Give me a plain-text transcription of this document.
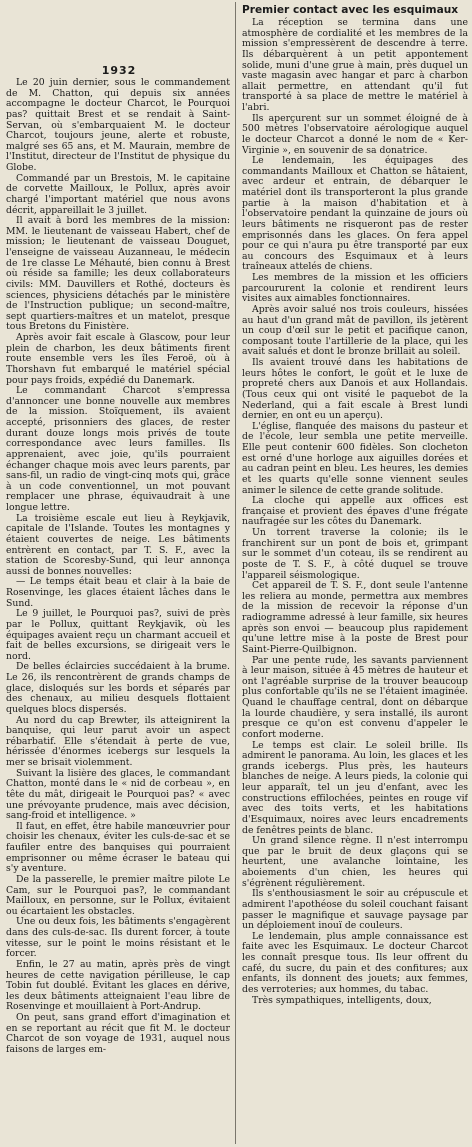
1932

Le 20 juin dernier, sous le commandement de M. Chatton, qui depuis six années accompagne le docteur Charcot, le Pourquoi pas? quittait Brest et se rendait à Saint-Servan, où s'embarquaient M. le docteur Charcot, toujours jeune, alerte et robuste, malgré ses 65 ans, et M. Maurain, membre de l'Institut, directeur de l'Institut de physique du Globe.

Commandé par un Brestois, M. le capitaine de corvette Mailloux, le Pollux, après avoir chargé l'important matériel que nous avons décrit, appareillait le 3 juillet.

Il avait à bord les membres de la mission: MM. le lieutenant de vaisseau Habert, chef de mission; le lieutenant de vaisseau Douguet, l'enseigne de vaisseau Auzanneau, le médecin de 1re classe Le Méhauté, bien connu à Brest où réside sa famille; les deux collaborateurs civils: MM. Dauvillers et Rothé, docteurs ès sciences, physiciens détachés par le ministère de l'Instruction publique; un second-maître, sept quartiers-maîtres et un matelot, presque tous Bretons du Finistère.

Après avoir fait escale à Glascow, pour leur plein de charbon, les deux bâtiments firent route ensemble vers les îles Feroë, où à Thorshavn fut embarqué le matériel spécial pour pays froids, expédié du Danemark.

Le commandant Charcot s'empressa d'annoncer une bonne nouvelle aux membres de la mission. Stoïquement, ils avaient accepté, prisonniers des glaces, de rester durant douze longs mois privés de toute correspondance avec leurs familles. Ils apprenaient, avec joie, qu'ils pourraient échanger chaque mois avec leurs parents, par sans-fil, un radio de vingt-cinq mots qui, grâce à un code conventionnel, un mot pouvant remplacer une phrase, équivaudrait à une longue lettre.

La troisième escale eut lieu à Reykjavik, capitale de l'Islande. Toutes les montagnes y étaient couvertes de neige. Les bâtiments entrèrent en contact, par T. S. F., avec la station de Scoresby-Sund, qui leur annonça aussi de bonnes nouvelles:

— Le temps était beau et clair à la baie de Rosenvinge, les glaces étaient lâches dans le Sund.

Le 9 juillet, le Pourquoi pas?, suivi de près par le Pollux, quittant Reykjavik, où les équipages avaient reçu un charmant accueil et fait de belles excursions, se dirigeait vers le nord.

De belles éclaircies succédaient à la brume. Le 26, ils rencontrèrent de grands champs de glace, disloqués sur les bords et séparés par des chenaux, au milieu desquels flottaient quelques blocs dispersés.

Au nord du cap Brewter, ils atteignirent la banquise, qui leur parut avoir un aspect rébarbatif. Elle s'étendait à perte de vue, hérissée d'énormes icebergs sur lesquels la mer se brisait violemment.

Suivant la lisière des glaces, le commandant Chatton, monté dans le « nid de corbeau », en tête du mât, dirigeait le Pourquoi pas? « avec une prévoyante prudence, mais avec décision, sang-froid et intelligence. »

Il faut, en effet, être habile manœuvrier pour choisir les chenaux, éviter les culs-de-sac et se faufiler entre des banquises qui pourraient emprisonner ou même écraser le bateau qui s'y aventure.

De la passerelle, le premier maître pilote Le Cam, sur le Pourquoi pas?, le commandant Mailloux, en personne, sur le Pollux, évitaient ou écartaient les obstacles.

Une ou deux fois, les bâtiments s'engagèrent dans des culs-de-sac. Ils durent forcer, à toute vitesse, sur le point le moins résistant et le forcer.

Enfin, le 27 au matin, après près de vingt heures de cette navigation périlleuse, le cap Tobin fut doublé. Évitant les glaces en dérive, les deux bâtiments atteignaient l'eau libre de Rosenvinge et mouillaient à Port-Andrup.

On peut, sans grand effort d'imagination et en se reportant au récit que fit M. le docteur Charcot de son voyage de 1931, auquel nous faisons de larges em-

Premier contact avec les esquimaux

La réception se termina dans une atmosphère de cordialité et les membres de la mission s'empressèrent de descendre à terre. Ils débarquèrent à un petit appontement solide, muni d'une grue à main, près duquel un vaste magasin avec hangar et parc à charbon allait permettre, en attendant qu'il fut transporté à sa place de mettre le matériel à l'abri.

Ils aperçurent sur un sommet éloigné de à 500 mètres l'observatoire aérologique auquel le docteur Charcot a donné le nom de « Ker-Virginie », en souvenir de sa donatrice.

Le lendemain, les équipages des commandants Mailloux et Chatton se hâtaient, avec ardeur et entrain, de débarquer le matériel dont ils transporteront la plus grande partie à la maison d'habitation et à l'observatoire pendant la quinzaine de jours où leurs bâtiments ne risqueront pas de rester emprisonnés dans les glaces. On fera appel pour ce qui n'aura pu être transporté par eux au concours des Esquimaux et à leurs traîneaux attelés de chiens.

Les membres de la mission et les officiers parcoururent la colonie et rendirent leurs visites aux aimables fonctionnaires.

Après avoir salué nos trois couleurs, hissées au haut d'un grand mât de pavillon, ils jetèrent un coup d'œil sur le petit et pacifique canon, composant toute l'artillerie de la place, qui les avait salués et dont le bronze brillait au soleil.

Ils avaient trouvé dans les habitations de leurs hôtes le confort, le goût et le luxe de propreté chers aux Danois et aux Hollandais. (Tous ceux qui ont visité le paquebot de la Nederland, qui a fait escale à Brest lundi dernier, en ont eu un aperçu).

L'église, flanquée des maisons du pasteur et de l'école, leur sembla une petite merveille. Elle peut contenir 600 fidèles. Son clocheton est orné d'une horloge aux aiguilles dorées et au cadran peint en bleu. Les heures, les demies et les quarts qu'elle sonne viennent seules animer le silence de cette grande solitude.

La cloche qui appelle aux offices est française et provient des épaves d'une frégate naufragée sur les côtes du Danemark.

Un torrent traverse la colonie; ils le franchirent sur un pont de bois et, grimpant sur le sommet d'un coteau, ils se rendirent au poste de T. S. F., à côté duquel se trouve l'appareil séismologique.

Cet appareil de T. S. F., dont seule l'antenne les reliera au monde, permettra aux membres de la mission de recevoir la réponse d'un radiogramme adressé à leur famille, six heures après son envoi — beaucoup plus rapidement qu'une lettre mise à la poste de Brest pour Saint-Pierre-Quilbignon.

Par une pente rude, les savants parviennent à leur maison, située à 45 mètres de hauteur et ont l'agréable surprise de la trouver beaucoup plus confortable qu'ils ne se l'étaient imaginée. Quand le chauffage central, dont on débarque la lourde chaudière, y sera installé, ils auront presque ce qu'on est convenu d'appeler le confort moderne.

Le temps est clair. Le soleil brille. Ils admirent le panorama. Au loin, les glaces et les grands icebergs. Plus près, les hauteurs blanches de neige. A leurs pieds, la colonie qui leur apparaît, tel un jeu d'enfant, avec les constructions effilochées, peintes en rouge vif avec des toits verts, et les habitations d'Esquimaux, noires avec leurs encadrements de fenêtres peints de blanc.

Un grand silence règne. Il n'est interrompu que par le bruit de deux glaçons qui se heurtent, une avalanche lointaine, les aboiements d'un chien, les heures qui s'égrènent régulièrement.

Ils s'enthousiasment le soir au crépuscule et admirent l'apothéose du soleil couchant faisant passer le magnifique et sauvage paysage par un déploiement inouï de couleurs.

Le lendemain, plus ample connaissance est faite avec les Esquimaux. Le docteur Charcot les connaît presque tous. Ils leur offrent du café, du sucre, du pain et des confitures; aux enfants, ils donnent des jouets; aux femmes, des verroteries; aux hommes, du tabac.

Très sympathiques, intelligents, doux,
